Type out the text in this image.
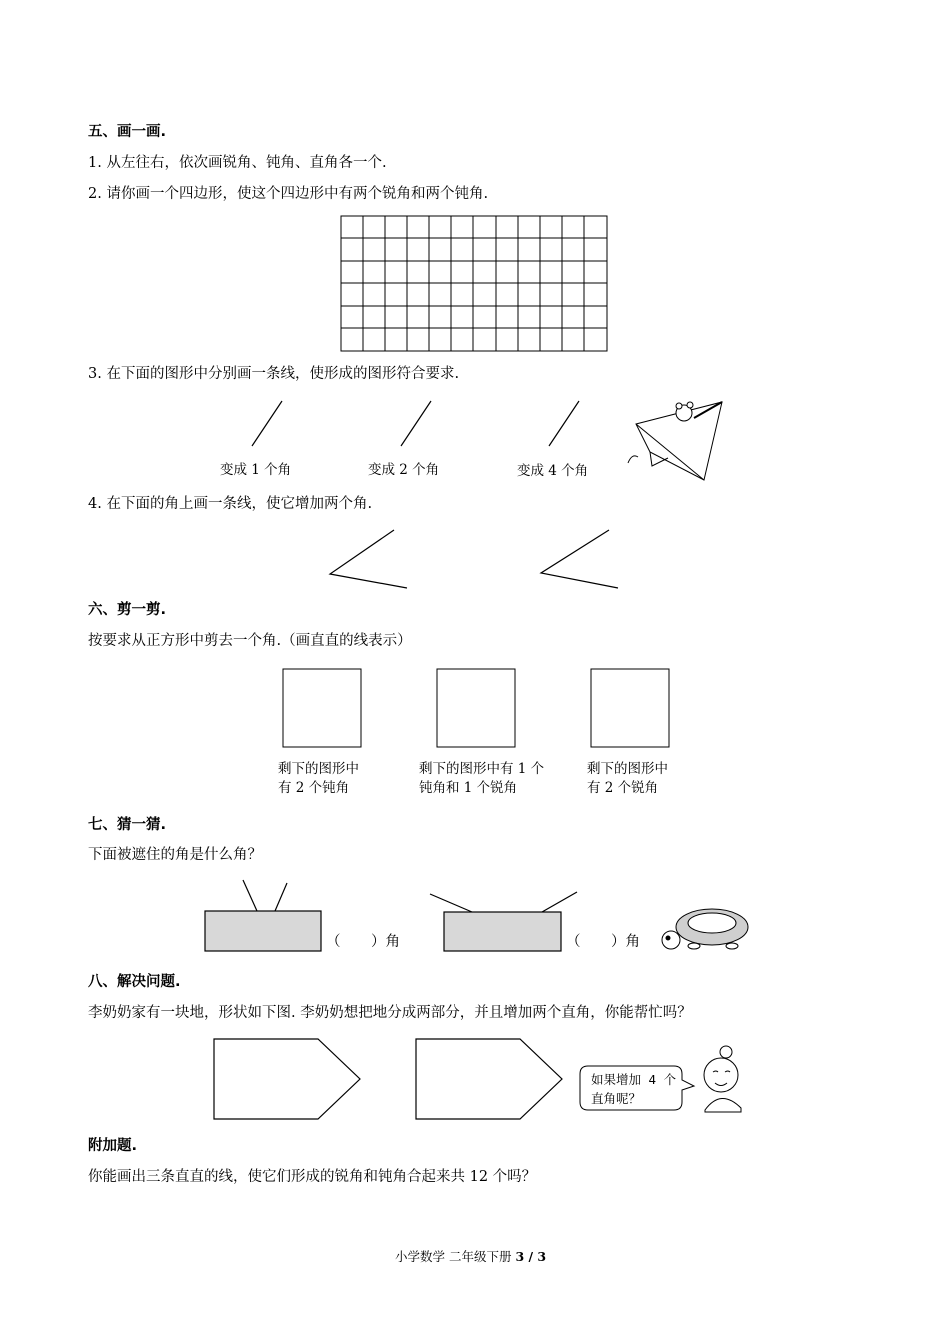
五、画一画.
1. 从左往右，依次画锐角、钝角、直角各一个.
2. 请你画一个四边形，使这个四边形中有两个锐角和两个钝角.
3. 在下面的图形中分别画一条线，使形成的图形符合要求.
变成 1 个角	变成 2 个角	变成 4 个角
4. 在下面的角上画一条线，使它增加两个角.
六、剪一剪.
按要求从正方形中剪去一个角.（画直直的线表示）
剩下的图形中
有 2 个钝角
剩下的图形中有 1 个
钝角和 1 个锐角
剩下的图形中
有 2 个锐角
七、猜一猜.
下面被遮住的角是什么角？
（ ）角	（ ）角
八、解决问题.
李奶奶家有一块地，形状如下图. 李奶奶想把地分成两部分，并且增加两个直角，你能帮忙吗？
如果增加 4 个
直角呢？
附加题.
你能画出三条直直的线，使它们形成的锐角和钝角合起来共 12 个吗？
小学数学 二年级下册 3 / 3
